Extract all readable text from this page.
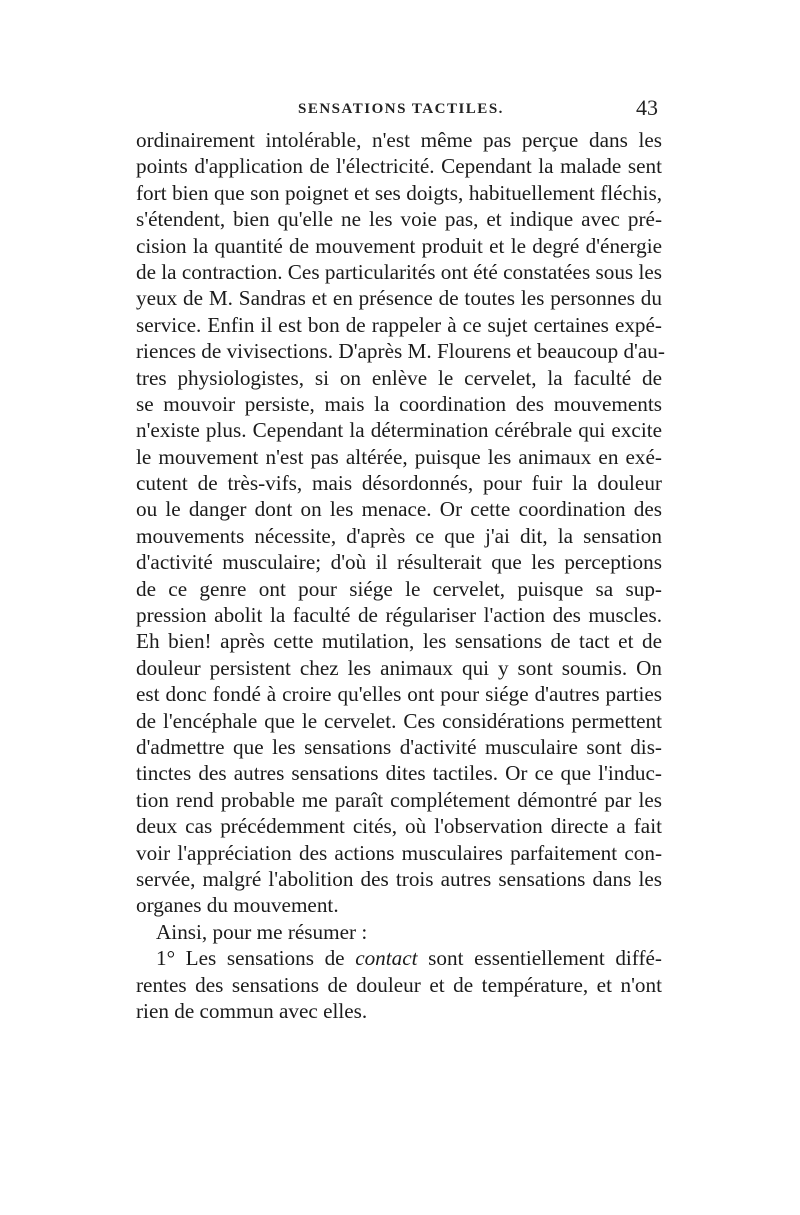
SENSATIONS TACTILES.	43
ordinairement intolérable, n'est même pas perçue dans les
points d'application de l'électricité. Cependant la malade sent
fort bien que son poignet et ses doigts, habituellement fléchis,
s'étendent, bien qu'elle ne les voie pas, et indique avec pré-
cision la quantité de mouvement produit et le degré d'énergie
de la contraction. Ces particularités ont été constatées sous les
yeux de M. Sandras et en présence de toutes les personnes du
service. Enfin il est bon de rappeler à ce sujet certaines expé-
riences de vivisections. D'après M. Flourens et beaucoup d'au-
tres physiologistes, si on enlève le cervelet, la faculté de
se mouvoir persiste, mais la coordination des mouvements
n'existe plus. Cependant la détermination cérébrale qui excite
le mouvement n'est pas altérée, puisque les animaux en exé-
cutent de très-vifs, mais désordonnés, pour fuir la douleur
ou le danger dont on les menace. Or cette coordination des
mouvements nécessite, d'après ce que j'ai dit, la sensation
d'activité musculaire; d'où il résulterait que les perceptions
de ce genre ont pour siége le cervelet, puisque sa sup-
pression abolit la faculté de régulariser l'action des muscles.
Eh bien! après cette mutilation, les sensations de tact et de
douleur persistent chez les animaux qui y sont soumis. On
est donc fondé à croire qu'elles ont pour siége d'autres parties
de l'encéphale que le cervelet. Ces considérations permettent
d'admettre que les sensations d'activité musculaire sont dis-
tinctes des autres sensations dites tactiles. Or ce que l'induc-
tion rend probable me paraît complétement démontré par les
deux cas précédemment cités, où l'observation directe a fait
voir l'appréciation des actions musculaires parfaitement con-
servée, malgré l'abolition des trois autres sensations dans les
organes du mouvement.
Ainsi, pour me résumer :
1° Les sensations de contact sont essentiellement diffé-
rentes des sensations de douleur et de température, et n'ont
rien de commun avec elles.
